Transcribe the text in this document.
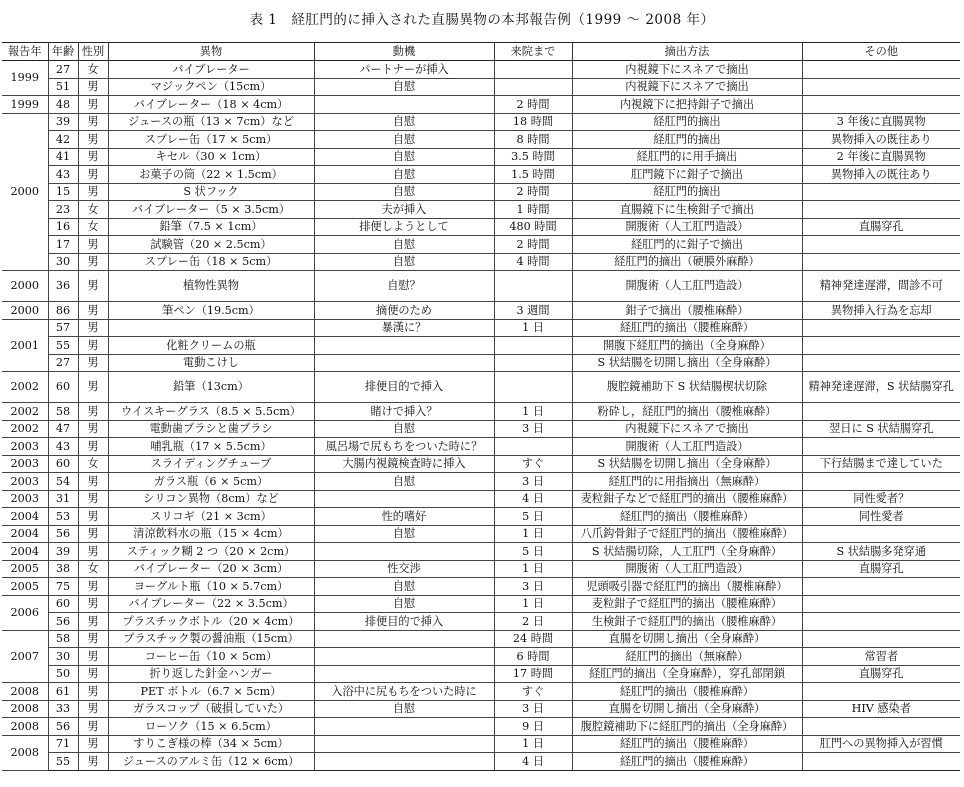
表 1　経肛門的に挿入された直腸異物の本邦報告例（1999 ～ 2008 年）
報告年	年齢	性別	異物	動機	来院まで	摘出方法	その他
1999	27	女	バイブレーター	パートナーが挿入		内視鏡下にスネアで摘出	
	51	男	マジックペン（15cm）	自慰		内視鏡下にスネアで摘出	
1999	48	男	バイブレーター（18 × 4cm）		2 時間	内視鏡下に把持鉗子で摘出	
2000	39	男	ジュースの瓶（13 × 7cm）など	自慰	18 時間	経肛門的摘出	3 年後に直腸異物
	42	男	スプレー缶（17 × 5cm）	自慰	8 時間	経肛門的摘出	異物挿入の既往あり
	41	男	キセル（30 × 1cm）	自慰	3.5 時間	経肛門的に用手摘出	2 年後に直腸異物
	43	男	お菓子の筒（22 × 1.5cm）	自慰	1.5 時間	肛門鏡下に鉗子で摘出	異物挿入の既往あり
	15	男	S 状フック	自慰	2 時間	経肛門的摘出	
	23	女	バイブレーター（5 × 3.5cm）	夫が挿入	1 時間	直腸鏡下に生検鉗子で摘出	
	16	女	鉛筆（7.5 × 1cm）	排便しようとして	480 時間	開腹術（人工肛門造設）	直腸穿孔
	17	男	試験管（20 × 2.5cm）	自慰	2 時間	経肛門的に鉗子で摘出	
	30	男	スプレー缶（18 × 5cm）	自慰	4 時間	経肛門的摘出（硬膜外麻酔）	
2000	36	男	植物性異物	自慰？		開腹術（人工肛門造設）	精神発達遅滞，間診不可
2000	86	男	筆ペン（19.5cm）	摘便のため	3 週間	鉗子で摘出（腰椎麻酔）	異物挿入行為を忘却
2001	57	男		暴漢に？	1 日	経肛門的摘出（腰椎麻酔）	
	55	男	化粧クリームの瓶			開腹下経肛門的摘出（全身麻酔）	
	27	男	電動こけし			S 状結腸を切開し摘出（全身麻酔）	
2002	60	男	鉛筆（13cm）	排便目的で挿入		腹腔鏡補助下 S 状結腸楔状切除	精神発達遅滞，S 状結腸穿孔
2002	58	男	ウイスキーグラス（8.5 × 5.5cm）	賭けで挿入？	1 日	粉砕し，経肛門的摘出（腰椎麻酔）	
2002	47	男	電動歯ブラシと歯ブラシ	自慰	3 日	内視鏡下にスネアで摘出	翌日に S 状結腸穿孔
2003	43	男	哺乳瓶（17 × 5.5cm）	風呂場で尻もちをついた時に？		開腹術（人工肛門造設）	
2003	60	女	スライディングチューブ	大腸内視鏡検査時に挿入	すぐ	S 状結腸を切開し摘出（全身麻酔）	下行結腸まで達していた
2003	54	男	ガラス瓶（6 × 5cm）	自慰	3 日	経肛門的に用指摘出（無麻酔）	
2003	31	男	シリコン異物（8cm）など		4 日	麦粒鉗子などで経肛門的摘出（腰椎麻酔）	同性愛者？
2004	53	男	スリコギ（21 × 3cm）	性的嗜好	5 日	経肛門的摘出（腰椎麻酔）	同性愛者
2004	56	男	清涼飲料水の瓶（15 × 4cm）	自慰	1 日	八爪鈎骨鉗子で経肛門的摘出（腰椎麻酔）	
2004	39	男	スティック糊 2 つ（20 × 2cm）		5 日	S 状結腸切除，人工肛門（全身麻酔）	S 状結腸多発穿通
2005	38	女	バイブレーター（20 × 3cm）	性交渉	1 日	開腹術（人工肛門造設）	直腸穿孔
2005	75	男	ヨーグルト瓶（10 × 5.7cm）	自慰	3 日	児頭吸引器で経肛門的摘出（腰椎麻酔）	
2006	60	男	バイブレーター（22 × 3.5cm）	自慰	1 日	麦粒鉗子で経肛門的摘出（腰椎麻酔）	
	56	男	プラスチックボトル（20 × 4cm）	排便目的で挿入	2 日	生検鉗子で経肛門的摘出（腰椎麻酔）	
2007	58	男	プラスチック製の醤油瓶（15cm）		24 時間	直腸を切開し摘出（全身麻酔）	
	30	男	コーヒー缶（10 × 5cm）		6 時間	経肛門的摘出（無麻酔）	常習者
	50	男	折り返した針金ハンガー		17 時間	経肛門的摘出（全身麻酔），穿孔部閉鎖	直腸穿孔
2008	61	男	PET ボトル（6.7 × 5cm）	入浴中に尻もちをついた時に	すぐ	経肛門的摘出（腰椎麻酔）	
2008	33	男	ガラスコップ（破損していた）	自慰	3 日	直腸を切開し摘出（全身麻酔）	HIV 感染者
2008	56	男	ローソク（15 × 6.5cm）		9 日	腹腔鏡補助下に経肛門的摘出（全身麻酔）	
2008	71	男	すりこぎ様の棒（34 × 5cm）		1 日	経肛門的摘出（腰椎麻酔）	肛門への異物挿入が習慣
	55	男	ジュースのアルミ缶（12 × 6cm）		4 日	経肛門的摘出（腰椎麻酔）	
